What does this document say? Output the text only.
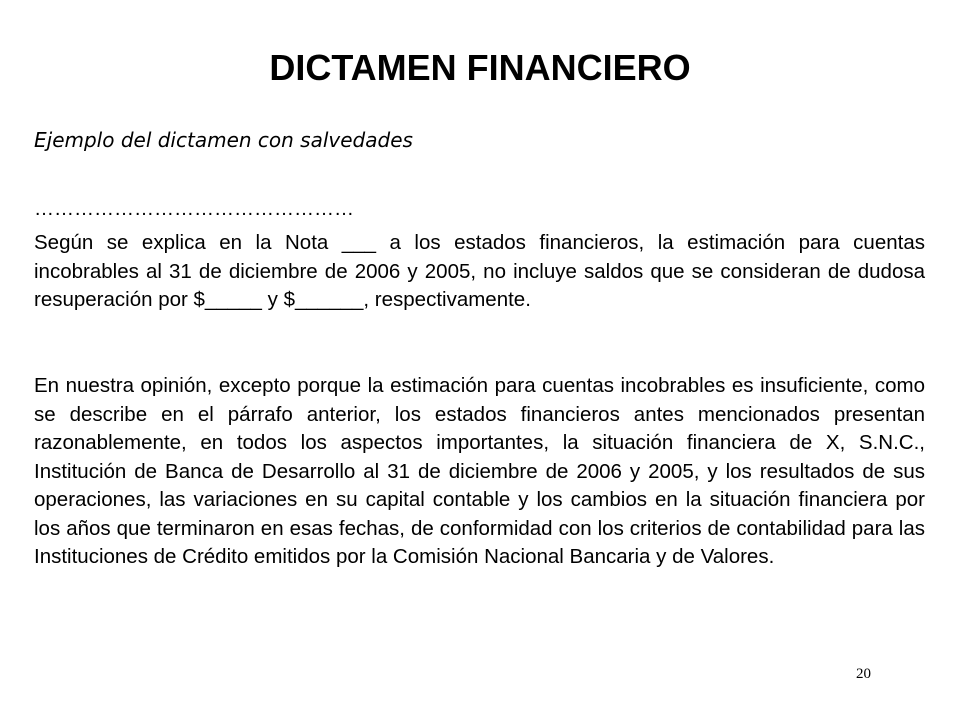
DICTAMEN FINANCIERO

Ejemplo del dictamen con salvedades

…………………………………………

Según se explica en la Nota ___ a los estados financieros, la estimación para cuentas incobrables al 31 de diciembre de 2006 y 2005, no incluye saldos que se consideran de dudosa resuperación por $_____ y $______, respectivamente.

En nuestra opinión, excepto porque la estimación para cuentas incobrables es insuficiente, como se describe en el párrafo anterior, los estados financieros antes mencionados presentan razonablemente, en todos los aspectos importantes, la situación financiera de X, S.N.C., Institución de Banca de Desarrollo al 31 de diciembre de 2006 y 2005, y los resultados de sus operaciones, las variaciones en su capital contable y los cambios en la situación financiera por los años que terminaron en esas fechas, de conformidad con los criterios de contabilidad para las Instituciones de Crédito emitidos por la Comisión Nacional Bancaria y de Valores.

20
